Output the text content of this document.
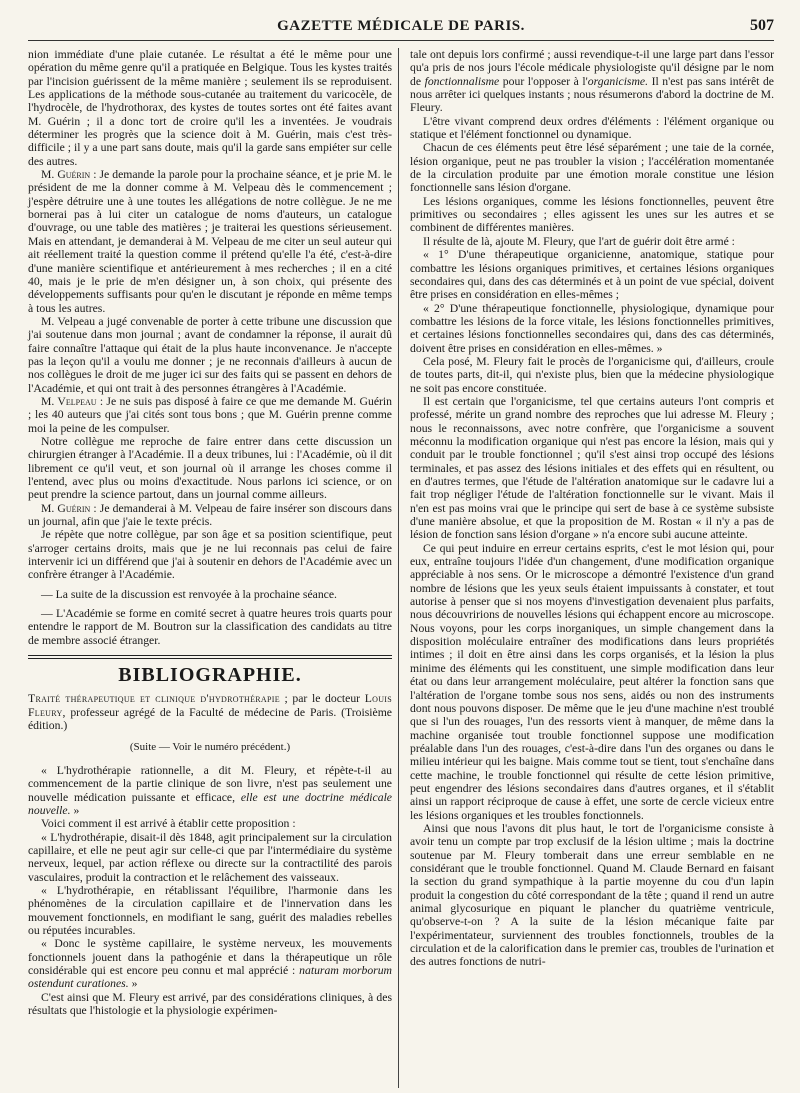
GAZETTE MÉDICALE DE PARIS.	507

nion immédiate d'une plaie cutanée. Le résultat a été le même pour une opération du même genre qu'il a pratiquée en Belgique. Tous les kystes traités par l'incision guérissent de la même manière ; seulement ils se reproduisent. Les applications de la méthode sous-cutanée au traitement du varicocèle, de l'hydrocèle, de l'hydrothorax, des kystes de toutes sortes ont été faites avant M. Guérin ; il a donc tort de croire qu'il les a inventées. Je voudrais déterminer les progrès que la science doit à M. Guérin, mais c'est très-difficile ; il y a une part sans doute, mais qu'il la garde sans empiéter sur celle des autres.

M. Guérin : Je demande la parole pour la prochaine séance, et je prie M. le président de me la donner comme à M. Velpeau dès le commencement ; j'espère détruire une à une toutes les allégations de notre collègue. Je ne me bornerai pas à lui citer un catalogue de noms d'auteurs, un catalogue d'ouvrage, ou une table des matières ; je traiterai les questions sérieusement. Mais en attendant, je demanderai à M. Velpeau de me citer un seul auteur qui ait réellement traité la question comme il prétend qu'elle l'a été, c'est-à-dire d'une manière scientifique et antérieurement à mes recherches ; il en a cité 40, mais je le prie de m'en désigner un, à son choix, qui présente des développements suffisants pour qu'en le discutant je réponde en même temps à tous les autres.

M. Velpeau a jugé convenable de porter à cette tribune une discussion que j'ai soutenue dans mon journal ; avant de condamner la réponse, il aurait dû faire connaître l'attaque qui était de la plus haute inconvenance. Je n'accepte pas la leçon qu'il a voulu me donner ; je ne reconnais d'ailleurs à aucun de nos collègues le droit de me juger ici sur des faits qui se passent en dehors de l'Académie, et qui ont trait à des personnes étrangères à l'Académie.

M. Velpeau : Je ne suis pas disposé à faire ce que me demande M. Guérin ; les 40 auteurs que j'ai cités sont tous bons ; que M. Guérin prenne comme moi la peine de les compulser.

Notre collègue me reproche de faire entrer dans cette discussion un chirurgien étranger à l'Académie. Il a deux tribunes, lui : l'Académie, où il dit librement ce qu'il veut, et son journal où il arrange les choses comme il l'entend, avec plus ou moins d'exactitude. Nous parlons ici science, or on peut prendre la science partout, dans un journal comme ailleurs.

M. Guérin : Je demanderai à M. Velpeau de faire insérer son discours dans un journal, afin que j'aie le texte précis.

Je répète que notre collègue, par son âge et sa position scientifique, peut s'arroger certains droits, mais que je ne lui reconnais pas celui de faire intervenir ici un différend que j'ai à soutenir en dehors de l'Académie avec un confrère étranger à l'Académie.

— La suite de la discussion est renvoyée à la prochaine séance.

— L'Académie se forme en comité secret à quatre heures trois quarts pour entendre le rapport de M. Boutron sur la classification des candidats au titre de membre associé étranger.

BIBLIOGRAPHIE.

Traité thérapeutique et clinique d'hydrothérapie ; par le docteur Louis Fleury, professeur agrégé de la Faculté de médecine de Paris. (Troisième édition.)

(Suite — Voir le numéro précédent.)

« L'hydrothérapie rationnelle, a dit M. Fleury, et répète-t-il au commencement de la partie clinique de son livre, n'est pas seulement une nouvelle médication puissante et efficace, elle est une doctrine médicale nouvelle. »

Voici comment il est arrivé à établir cette proposition :

« L'hydrothérapie, disait-il dès 1848, agit principalement sur la circulation capillaire, et elle ne peut agir sur celle-ci que par l'intermédiaire du système nerveux, lequel, par action réflexe ou directe sur la contractilité des parois vasculaires, produit la contraction et le relâchement des vaisseaux.

« L'hydrothérapie, en rétablissant l'équilibre, l'harmonie dans les phénomènes de la circulation capillaire et de l'innervation dans les mouvement fonctionnels, en modifiant le sang, guérit des maladies rebelles ou réputées incurables.

« Donc le système capillaire, le système nerveux, les mouvements fonctionnels jouent dans la pathogénie et dans la thérapeutique un rôle considérable qui est encore peu connu et mal apprécié : naturam morborum ostendunt curationes. »

C'est ainsi que M. Fleury est arrivé, par des considérations cliniques, à des résultats que l'histologie et la physiologie expérimen-

tale ont depuis lors confirmé ; aussi revendique-t-il une large part dans l'essor qu'a pris de nos jours l'école médicale physiologiste qu'il désigne par le nom de fonctionnalisme pour l'opposer à l'organicisme. Il n'est pas sans intérêt de nous arrêter ici quelques instants ; nous résumerons d'abord la doctrine de M. Fleury.

L'être vivant comprend deux ordres d'éléments : l'élément organique ou statique et l'élément fonctionnel ou dynamique.

Chacun de ces éléments peut être lésé séparément ; une taie de la cornée, lésion organique, peut ne pas troubler la vision ; l'accélération momentanée de la circulation produite par une émotion morale constitue une lésion fonctionnelle sans lésion d'organe.

Les lésions organiques, comme les lésions fonctionnelles, peuvent être primitives ou secondaires ; elles agissent les unes sur les autres et se combinent de différentes manières.

Il résulte de là, ajoute M. Fleury, que l'art de guérir doit être armé :

« 1° D'une thérapeutique organicienne, anatomique, statique pour combattre les lésions organiques primitives, et certaines lésions organiques secondaires qui, dans des cas déterminés et à un point de vue spécial, doivent être prises en considération en elles-mêmes ;

« 2° D'une thérapeutique fonctionnelle, physiologique, dynamique pour combattre les lésions de la force vitale, les lésions fonctionnelles primitives, et certaines lésions fonctionnelles secondaires qui, dans des cas déterminés, doivent être prises en considération en elles-mêmes. »

Cela posé, M. Fleury fait le procès de l'organicisme qui, d'ailleurs, croule de toutes parts, dit-il, qui n'existe plus, bien que la médecine physiologique ne soit pas encore constituée.

Il est certain que l'organicisme, tel que certains auteurs l'ont compris et professé, mérite un grand nombre des reproches que lui adresse M. Fleury ; nous le reconnaissons, avec notre confrère, que l'organicisme a souvent méconnu la modification organique qui n'est pas encore la lésion, mais qui y conduit par le trouble fonctionnel ; qu'il s'est ainsi trop occupé des lésions terminales, et pas assez des lésions initiales et des effets qui en résultent, ou en d'autres termes, que l'étude de l'altération anatomique sur le cadavre lui a fait trop négliger l'étude de l'altération fonctionnelle sur le vivant. Mais il n'en est pas moins vrai que le principe qui sert de base à ce système subsiste d'une manière absolue, et que la proposition de M. Rostan « il n'y a pas de lésion de fonction sans lésion d'organe » n'a encore subi aucune atteinte.

Ce qui peut induire en erreur certains esprits, c'est le mot lésion qui, pour eux, entraîne toujours l'idée d'un changement, d'une modification organique appréciable à nos sens. Or le microscope a démontré l'existence d'un grand nombre de lésions que les yeux seuls étaient impuissants à constater, et tout autorise à penser que si nos moyens d'investigation devenaient plus parfaits, nous découvririons de nouvelles lésions qui échappent encore au microscope. Nous voyons, pour les corps inorganiques, un simple changement dans la disposition moléculaire entraîner des modifications dans leurs propriétés intimes ; il doit en être ainsi dans les corps organisés, et la lésion la plus minime des éléments qui les constituent, une simple modification dans leur état ou dans leur arrangement moléculaire, peut altérer la fonction sans que l'altération de l'organe tombe sous nos sens, aidés ou non des instruments dont nous pouvons disposer. De même que le jeu d'une machine n'est troublé que si l'un des rouages, l'un des ressorts vient à manquer, de même dans la machine organisée tout trouble fonctionnel suppose une modification préalable dans l'un des rouages, c'est-à-dire dans l'un des organes ou dans le milieu intérieur qui les baigne. Mais comme tout se tient, tout s'enchaîne dans cette machine, le trouble fonctionnel qui résulte de cette lésion primitive, peut engendrer des lésions secondaires dans d'autres organes, et il s'établit ainsi un rapport réciproque de cause à effet, une sorte de cercle vicieux entre les lésions organiques et les troubles fonctionnels.

Ainsi que nous l'avons dit plus haut, le tort de l'organicisme consiste à avoir tenu un compte par trop exclusif de la lésion ultime ; mais la doctrine soutenue par M. Fleury tomberait dans une erreur semblable en ne considérant que le trouble fonctionnel. Quand M. Claude Bernard en faisant la section du grand sympathique à la partie moyenne du cou d'un lapin produit la congestion du côté correspondant de la tête ; quand il rend un autre animal glycosurique en piquant le plancher du quatrième ventricule, qu'observe-t-on ? A la suite de la lésion mécanique faite par l'expérimentateur, surviennent des troubles fonctionnels, troubles de la circulation et de la calorification dans le premier cas, troubles de l'urination et des autres fonctions de nutri-
